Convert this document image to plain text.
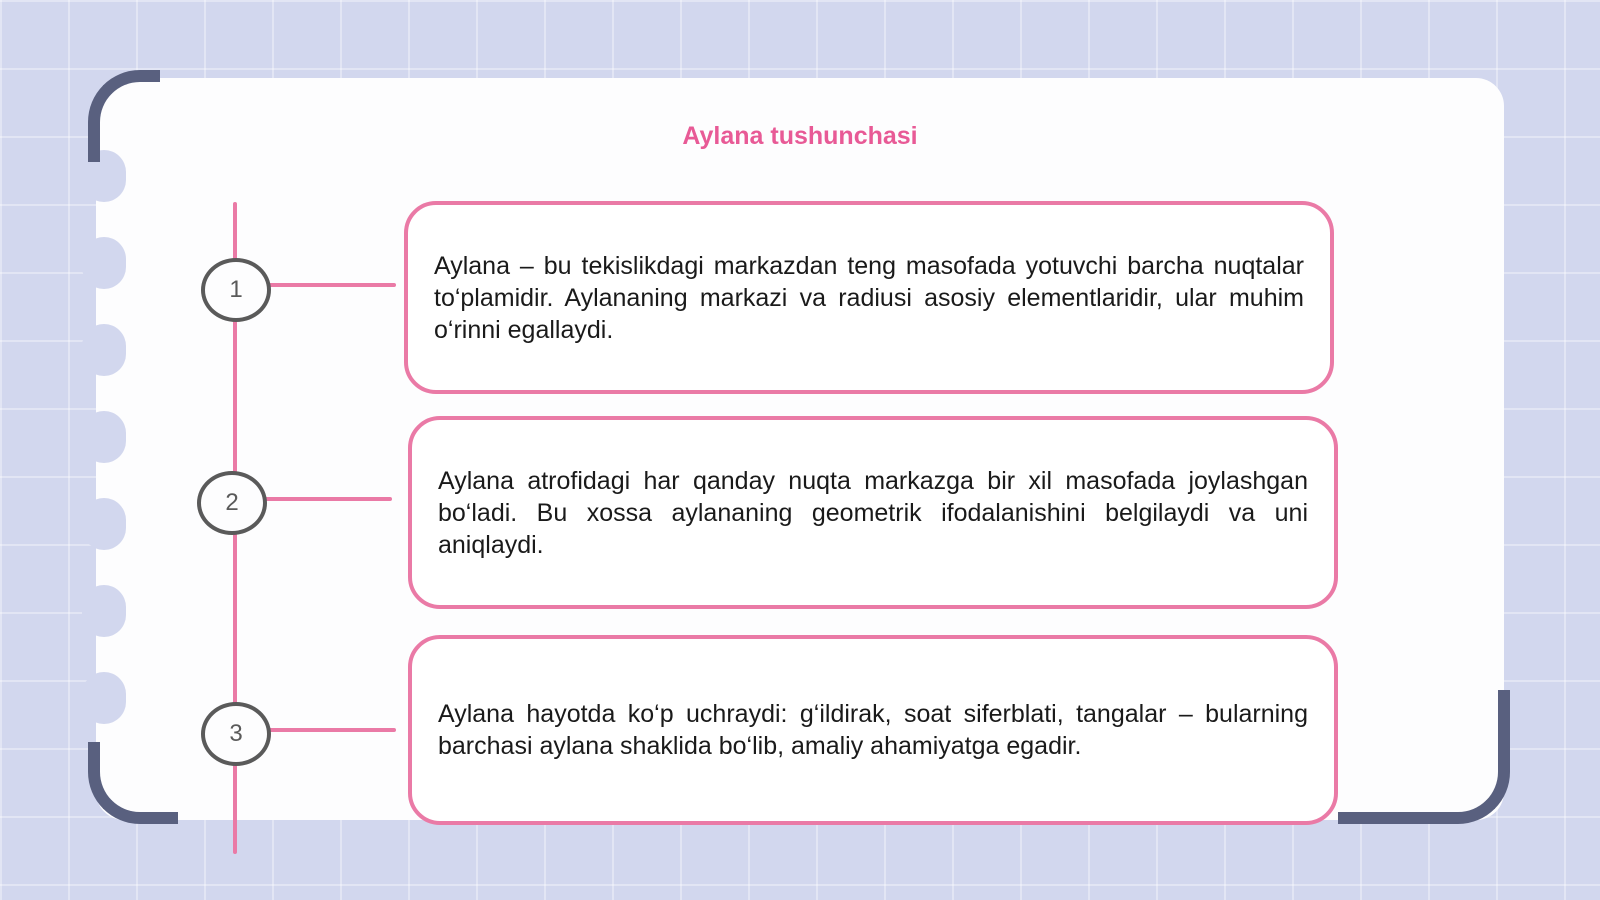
Aylana tushunchasi
1
2
3
Aylana – bu tekislikdagi markazdan teng masofada yotuvchi barcha nuqtalar to‘plamidir. Aylananing markazi va radiusi asosiy elementlaridir, ular muhim o‘rinni egallaydi.
Aylana atrofidagi har qanday nuqta markazga bir xil masofada joylashgan bo‘ladi. Bu xossa aylananing geometrik ifodalanishini belgilaydi va uni aniqlaydi.
Aylana hayotda ko‘p uchraydi: g‘ildirak, soat siferblati, tangalar – bularning barchasi aylana shaklida bo‘lib, amaliy ahamiyatga egadir.
